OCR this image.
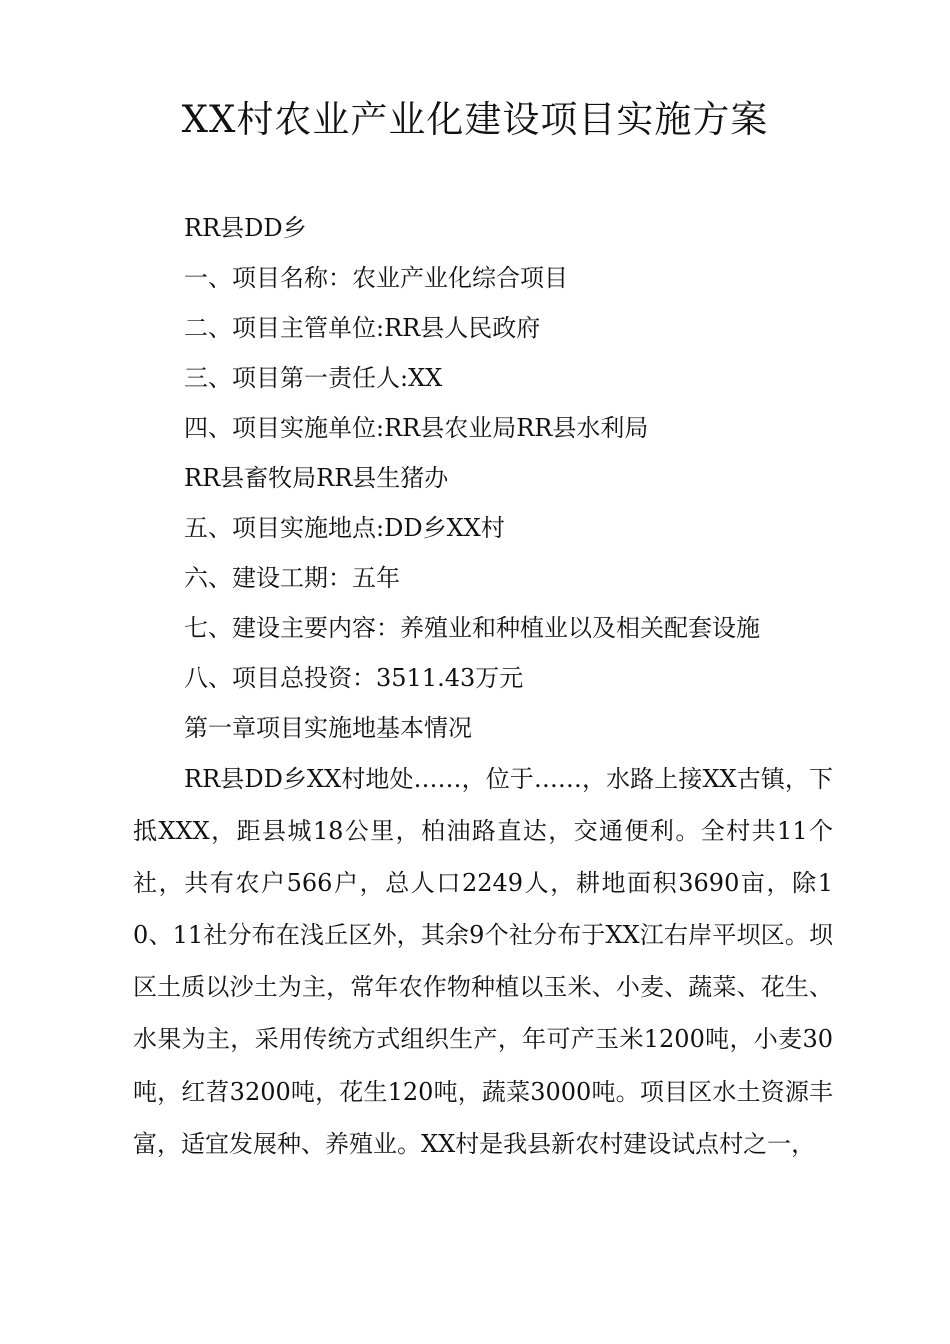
XX村农业产业化建设项目实施方案
RR县DD乡
一、项目名称：农业产业化综合项目
二、项目主管单位:RR县人民政府
三、项目第一责任人:XX
四、项目实施单位:RR县农业局RR县水利局
RR县畜牧局RR县生猪办
五、项目实施地点:DD乡XX村
六、建设工期：五年
七、建设主要内容：养殖业和种植业以及相关配套设施
八、项目总投资：3511.43万元
第一章项目实施地基本情况

RR县DD乡XX村地处……，位于……，水路上接XX古镇，下抵XXX，距县城18公里，柏油路直达，交通便利。全村共11个社，共有农户566户，总人口2249人，耕地面积3690亩，除10、11社分布在浅丘区外，其余9个社分布于XX江右岸平坝区。坝区土质以沙土为主，常年农作物种植以玉米、小麦、蔬菜、花生、水果为主，采用传统方式组织生产，年可产玉米1200吨，小麦30吨，红苕3200吨，花生120吨，蔬菜3000吨。项目区水土资源丰富，适宜发展种、养殖业。XX村是我县新农村建设试点村之一，
